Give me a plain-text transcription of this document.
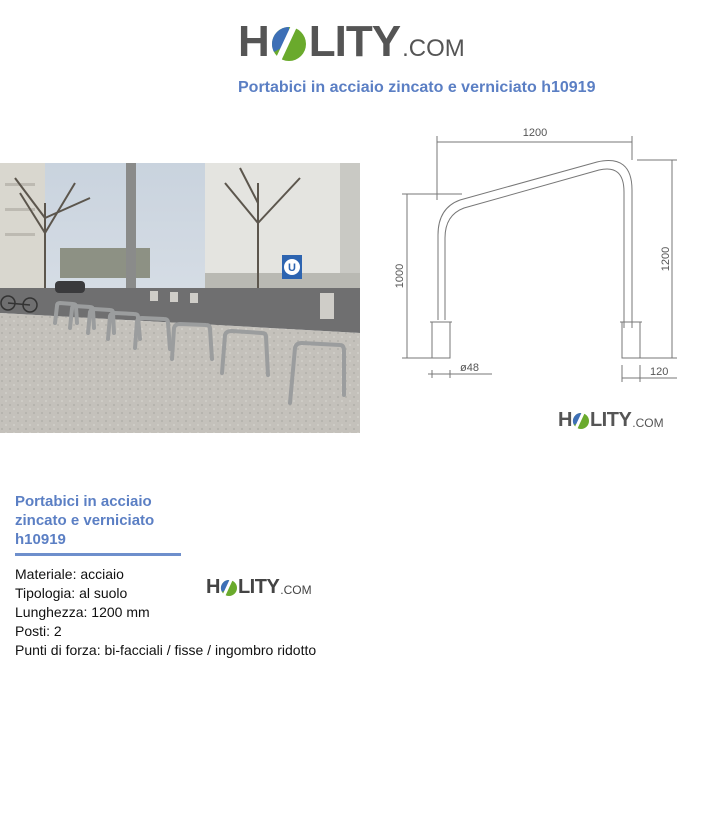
H LITY .COM
Portabici in acciaio zincato e verniciato h10919
U
H LITY .COM
1200
1000
1200
ø48	120
H LITY .COM
Portabici in acciaio zincato e verniciato h10919
Materiale: acciaio
Tipologia: al suolo
Lunghezza: 1200 mm
Posti: 2
Punti di forza: bi-facciali / fisse / ingombro ridotto
